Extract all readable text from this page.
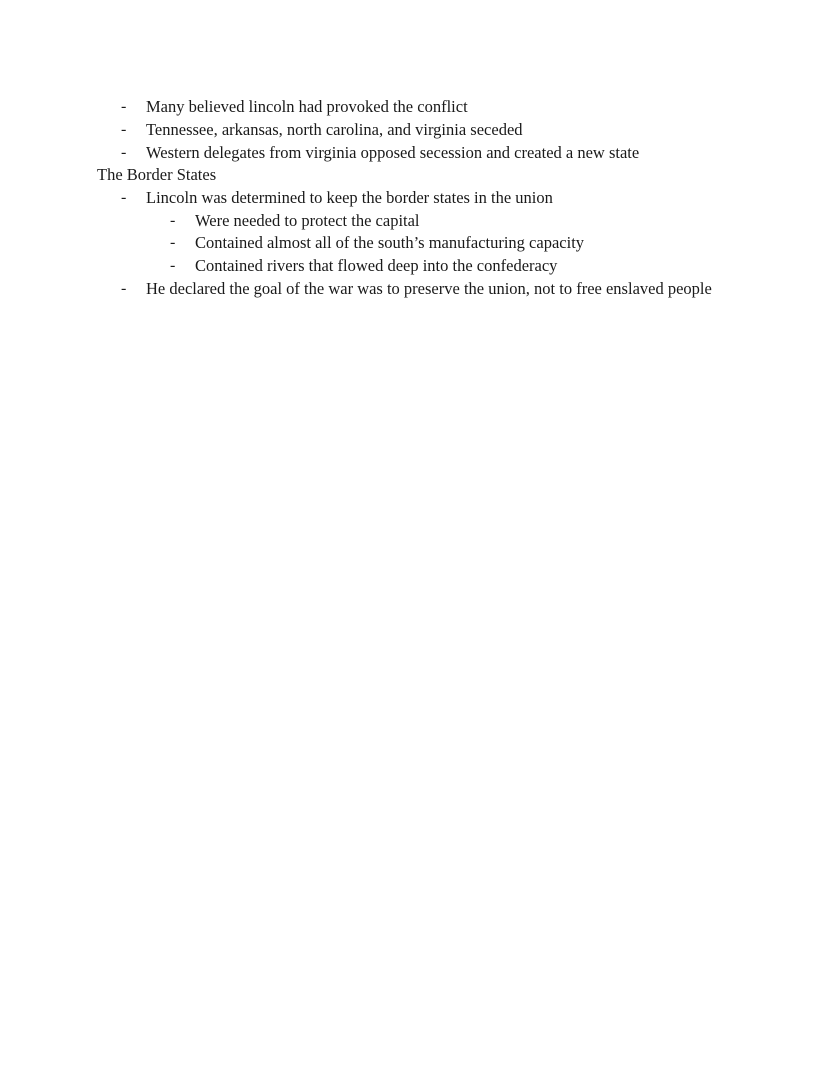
- Many believed lincoln had provoked the conflict
- Tennessee, arkansas, north carolina, and virginia seceded
- Western delegates from virginia opposed secession and created a new state
The Border States
- Lincoln was determined to keep the border states in the union
- Were needed to protect the capital
- Contained almost all of the south’s manufacturing capacity
- Contained rivers that flowed deep into the confederacy
- He declared the goal of the war was to preserve the union, not to free enslaved people
